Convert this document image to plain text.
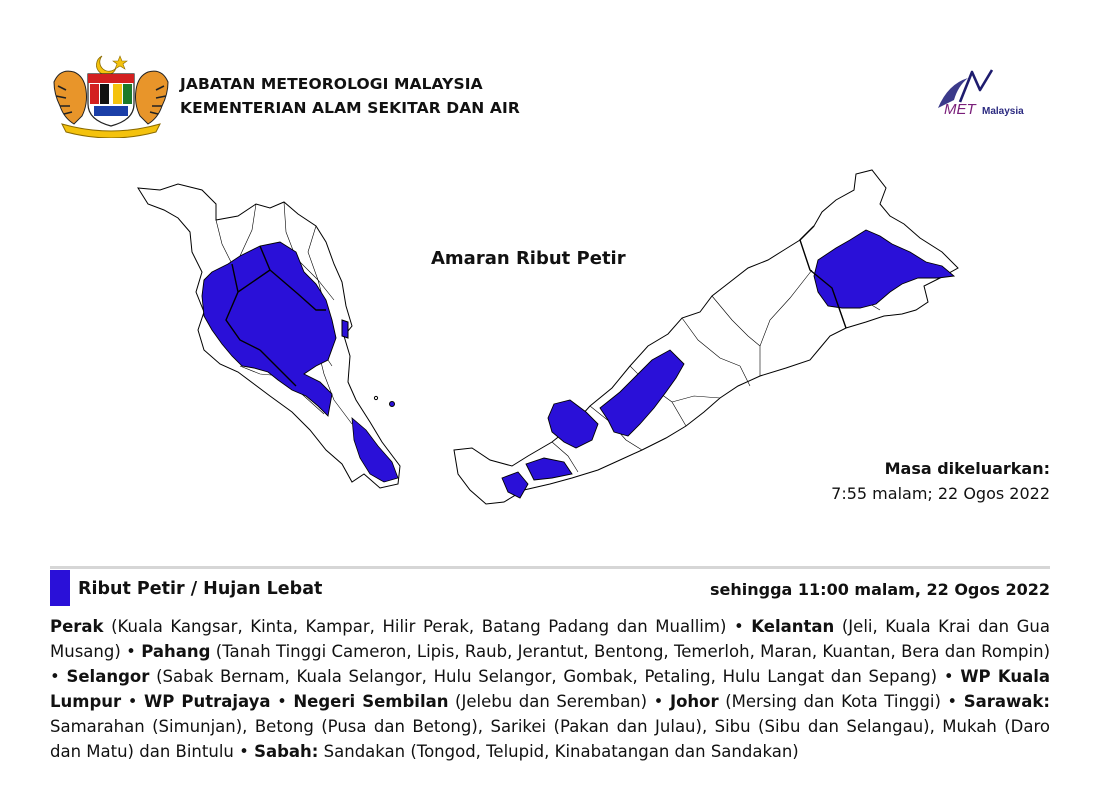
JABATAN METEOROLOGI MALAYSIA
KEMENTERIAN ALAM SEKITAR DAN AIR	MET Malaysia
Amaran Ribut Petir
Masa dikeluarkan:
7:55 malam; 22 Ogos 2022
Ribut Petir / Hujan Lebat	sehingga 11:00 malam, 22 Ogos 2022
Perak (Kuala Kangsar, Kinta, Kampar, Hilir Perak, Batang Padang dan Muallim) • Kelantan (Jeli, Kuala Krai dan Gua Musang) • Pahang (Tanah Tinggi Cameron, Lipis, Raub, Jerantut, Bentong, Temerloh, Maran, Kuantan, Bera dan Rompin) • Selangor (Sabak Bernam, Kuala Selangor, Hulu Selangor, Gombak, Petaling, Hulu Langat dan Sepang) • WP Kuala Lumpur • WP Putrajaya • Negeri Sembilan (Jelebu dan Seremban) • Johor (Mersing dan Kota Tinggi) • Sarawak: Samarahan (Simunjan), Betong (Pusa dan Betong), Sarikei (Pakan dan Julau), Sibu (Sibu dan Selangau), Mukah (Daro dan Matu) dan Bintulu • Sabah: Sandakan (Tongod, Telupid, Kinabatangan dan Sandakan)
